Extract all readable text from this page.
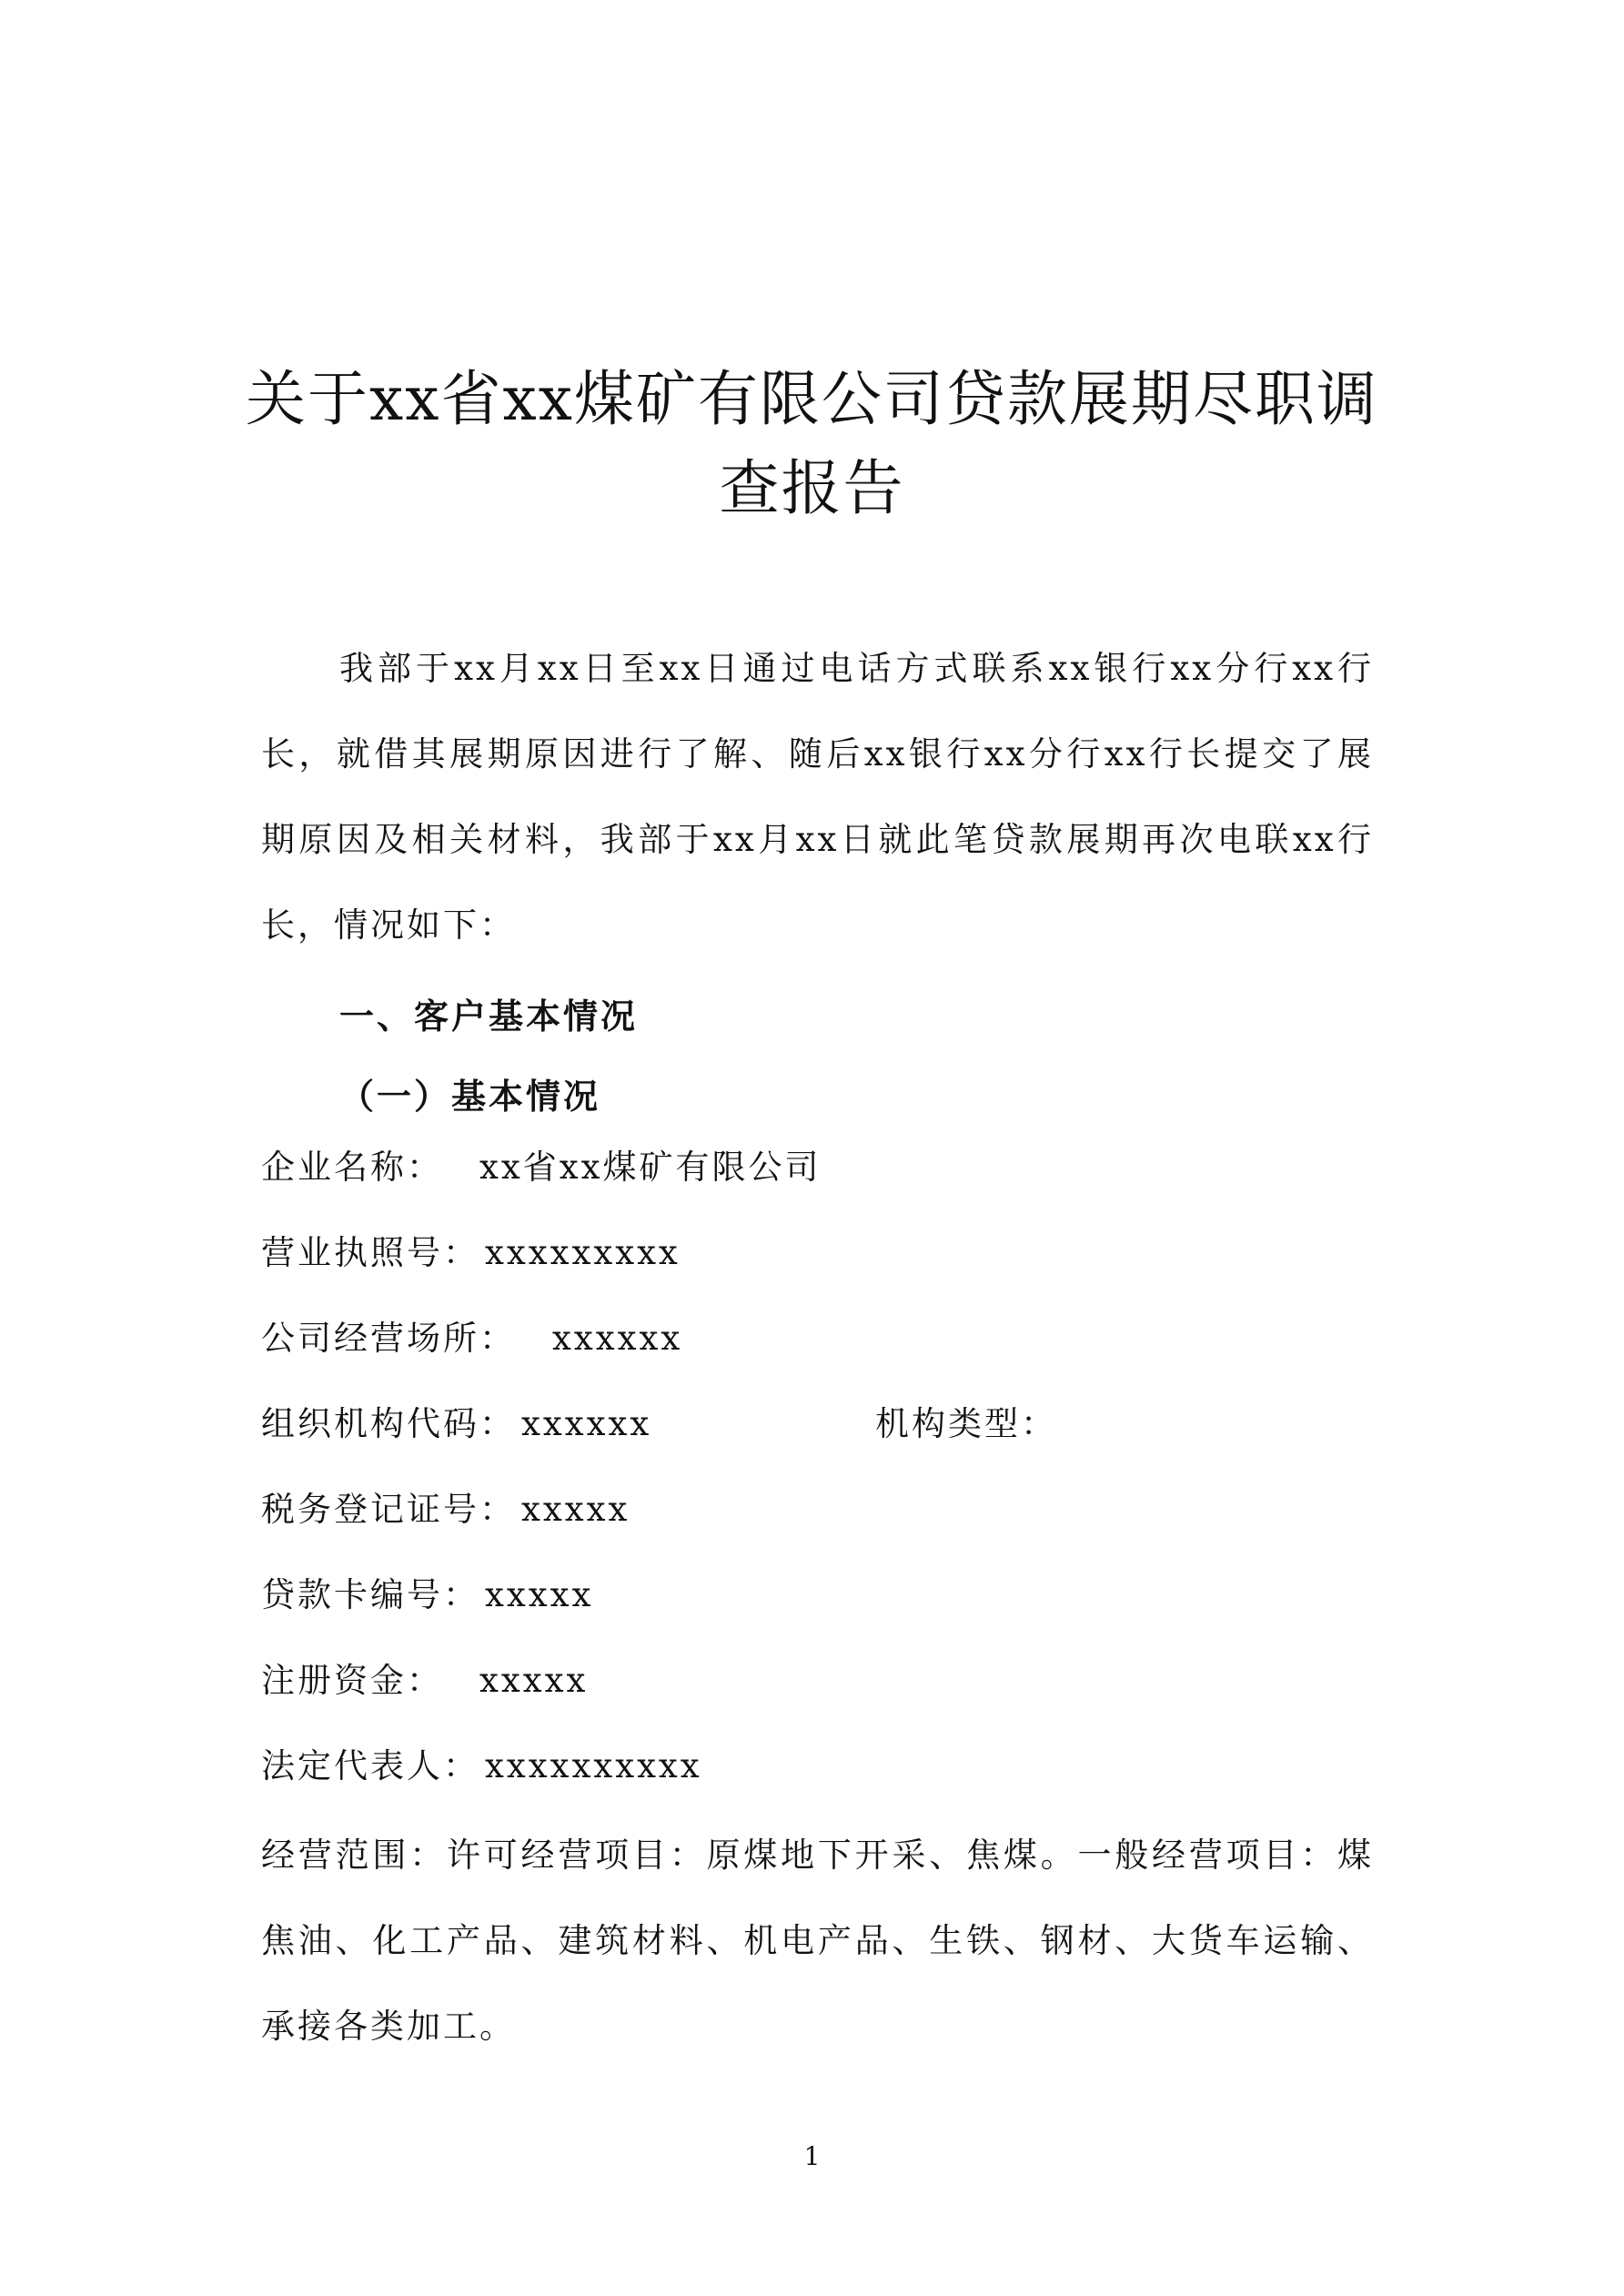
关于xx省xx煤矿有限公司贷款展期尽职调
查报告
我部于xx月xx日至xx日通过电话方式联系xx银行xx分行xx行长，就借其展期原因进行了解、随后xx银行xx分行xx行长提交了展期原因及相关材料，我部于xx月xx日就此笔贷款展期再次电联xx行长，情况如下：
一、客户基本情况
（一）基本情况
企业名称： xx省xx煤矿有限公司
营业执照号： xxxxxxxxx
公司经营场所： xxxxxx
组织机构代码： xxxxxx	机构类型：
税务登记证号： xxxxx
贷款卡编号： xxxxx
注册资金： xxxxx
法定代表人： xxxxxxxxxx
经营范围：许可经营项目：原煤地下开采、焦煤。一般经营项目：煤焦油、化工产品、建筑材料、机电产品、生铁、钢材、大货车运输、承接各类加工。
1
